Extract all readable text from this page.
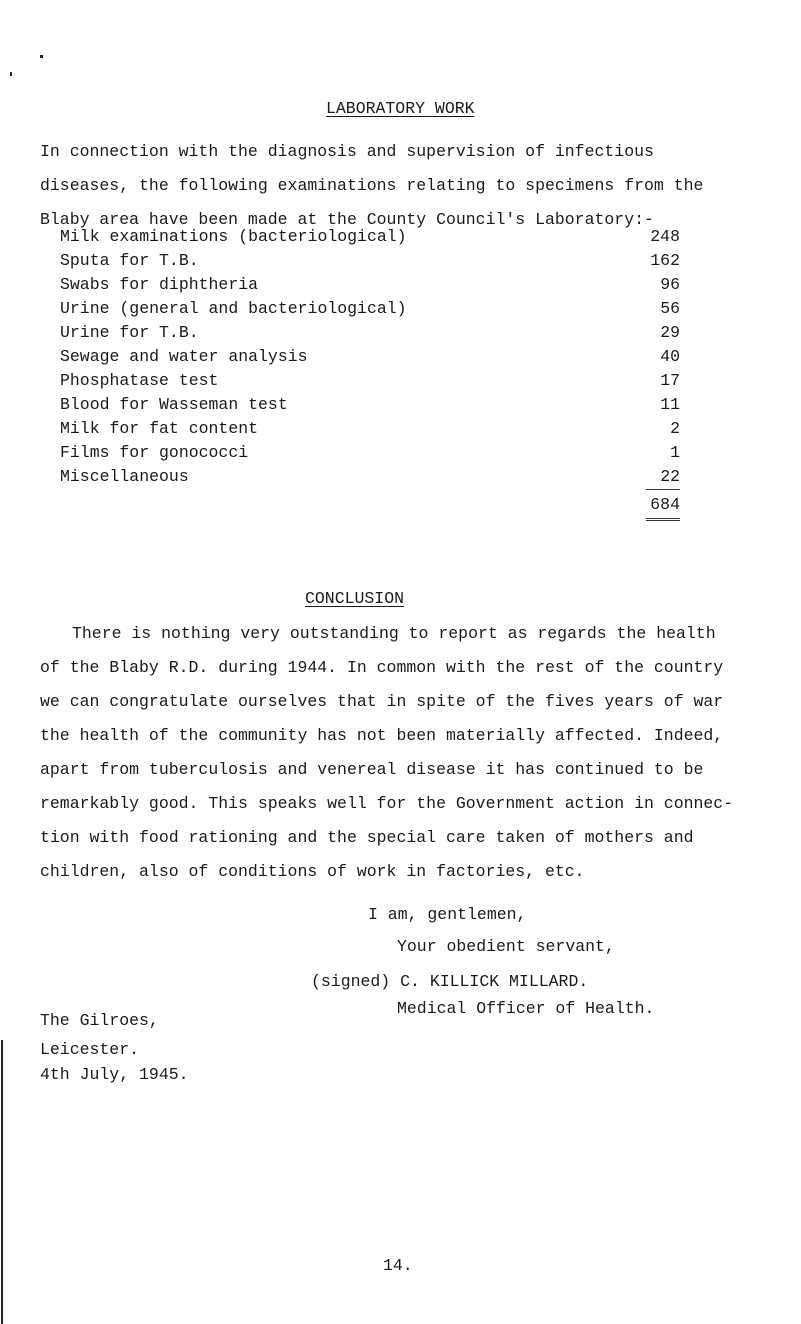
LABORATORY WORK
In connection with the diagnosis and supervision of infectious
diseases, the following examinations relating to specimens from the
Blaby area have been made at the County Council's Laboratory:-
Milk examinations (bacteriological)	248
Sputa for T.B.	162
Swabs for diphtheria	96
Urine (general and bacteriological)	56
Urine for T.B.	29
Sewage and water analysis	40
Phosphatase test	17
Blood for Wasseman test	11
Milk for fat content	2
Films for gonococci	1
Miscellaneous	22
684
CONCLUSION
There is nothing very outstanding to report as regards the health
of the Blaby R.D. during 1944. In common with the rest of the country
we can congratulate ourselves that in spite of the fives years of war
the health of the community has not been materially affected. Indeed,
apart from tuberculosis and venereal disease it has continued to be
remarkably good. This speaks well for the Government action in connec-
tion with food rationing and the special care taken of mothers and
children, also of conditions of work in factories, etc.
I am, gentlemen,
Your obedient servant,
(signed) C. KILLICK MILLARD.
Medical Officer of Health.
The Gilroes,
Leicester.
4th July, 1945.
14.
